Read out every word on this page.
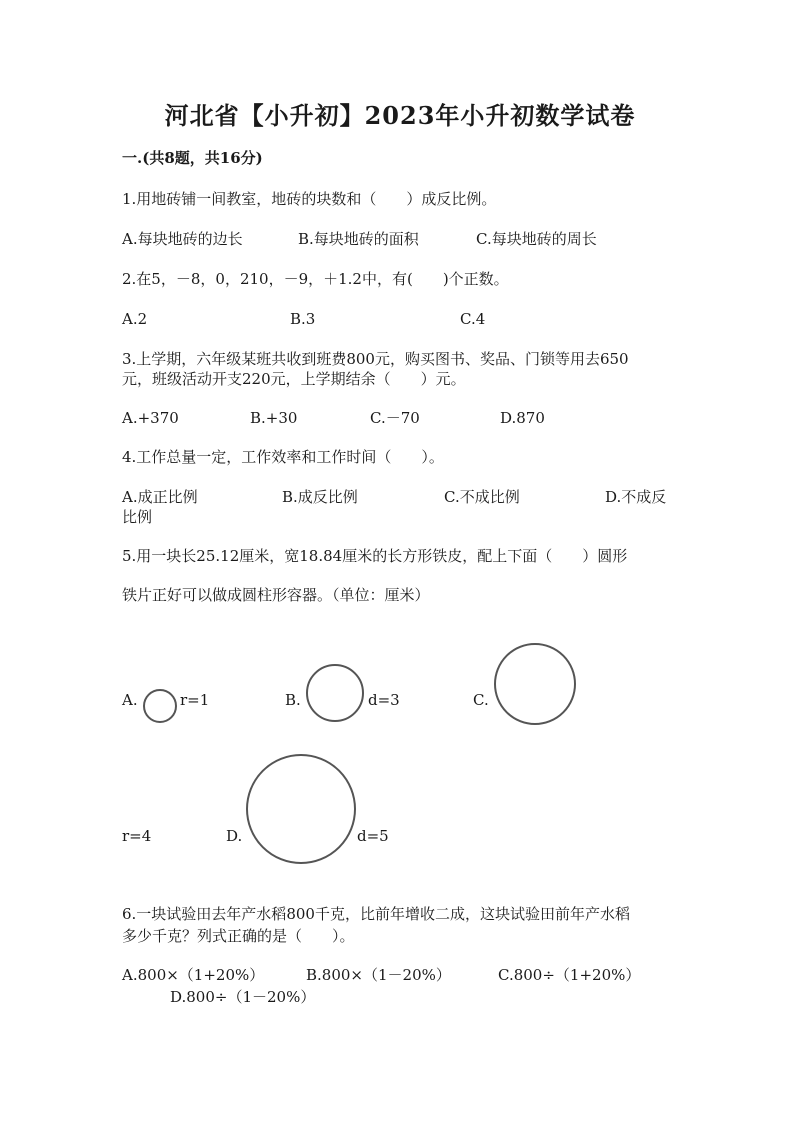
河北省【小升初】2023年小升初数学试卷
一.(共8题，共16分)
1.用地砖铺一间教室，地砖的块数和（　　）成反比例。
A.每块地砖的边长	B.每块地砖的面积	C.每块地砖的周长
2.在5，－8，0，210，－9，＋1.2中，有(　　)个正数。
A.2	B.3	C.4
3.上学期，六年级某班共收到班费800元，购买图书、奖品、门锁等用去650
元，班级活动开支220元，上学期结余（　　）元。
A.+370	B.+30	C.－70	D.870
4.工作总量一定，工作效率和工作时间（　　）。
A.成正比例	B.成反比例	C.不成比例	D.不成反
比例
5.用一块长25.12厘米，宽18.84厘米的长方形铁皮，配上下面（　　）圆形
铁片正好可以做成圆柱形容器。（单位：厘米）
A.	r=1	B.	d=3	C.
r=4	D.	d=5
6.一块试验田去年产水稻800千克，比前年增收二成，这块试验田前年产水稻
多少千克？列式正确的是（　　）。
A.800×（1+20%）	B.800×（1－20%）	C.800÷（1+20%）
D.800÷（1－20%）
